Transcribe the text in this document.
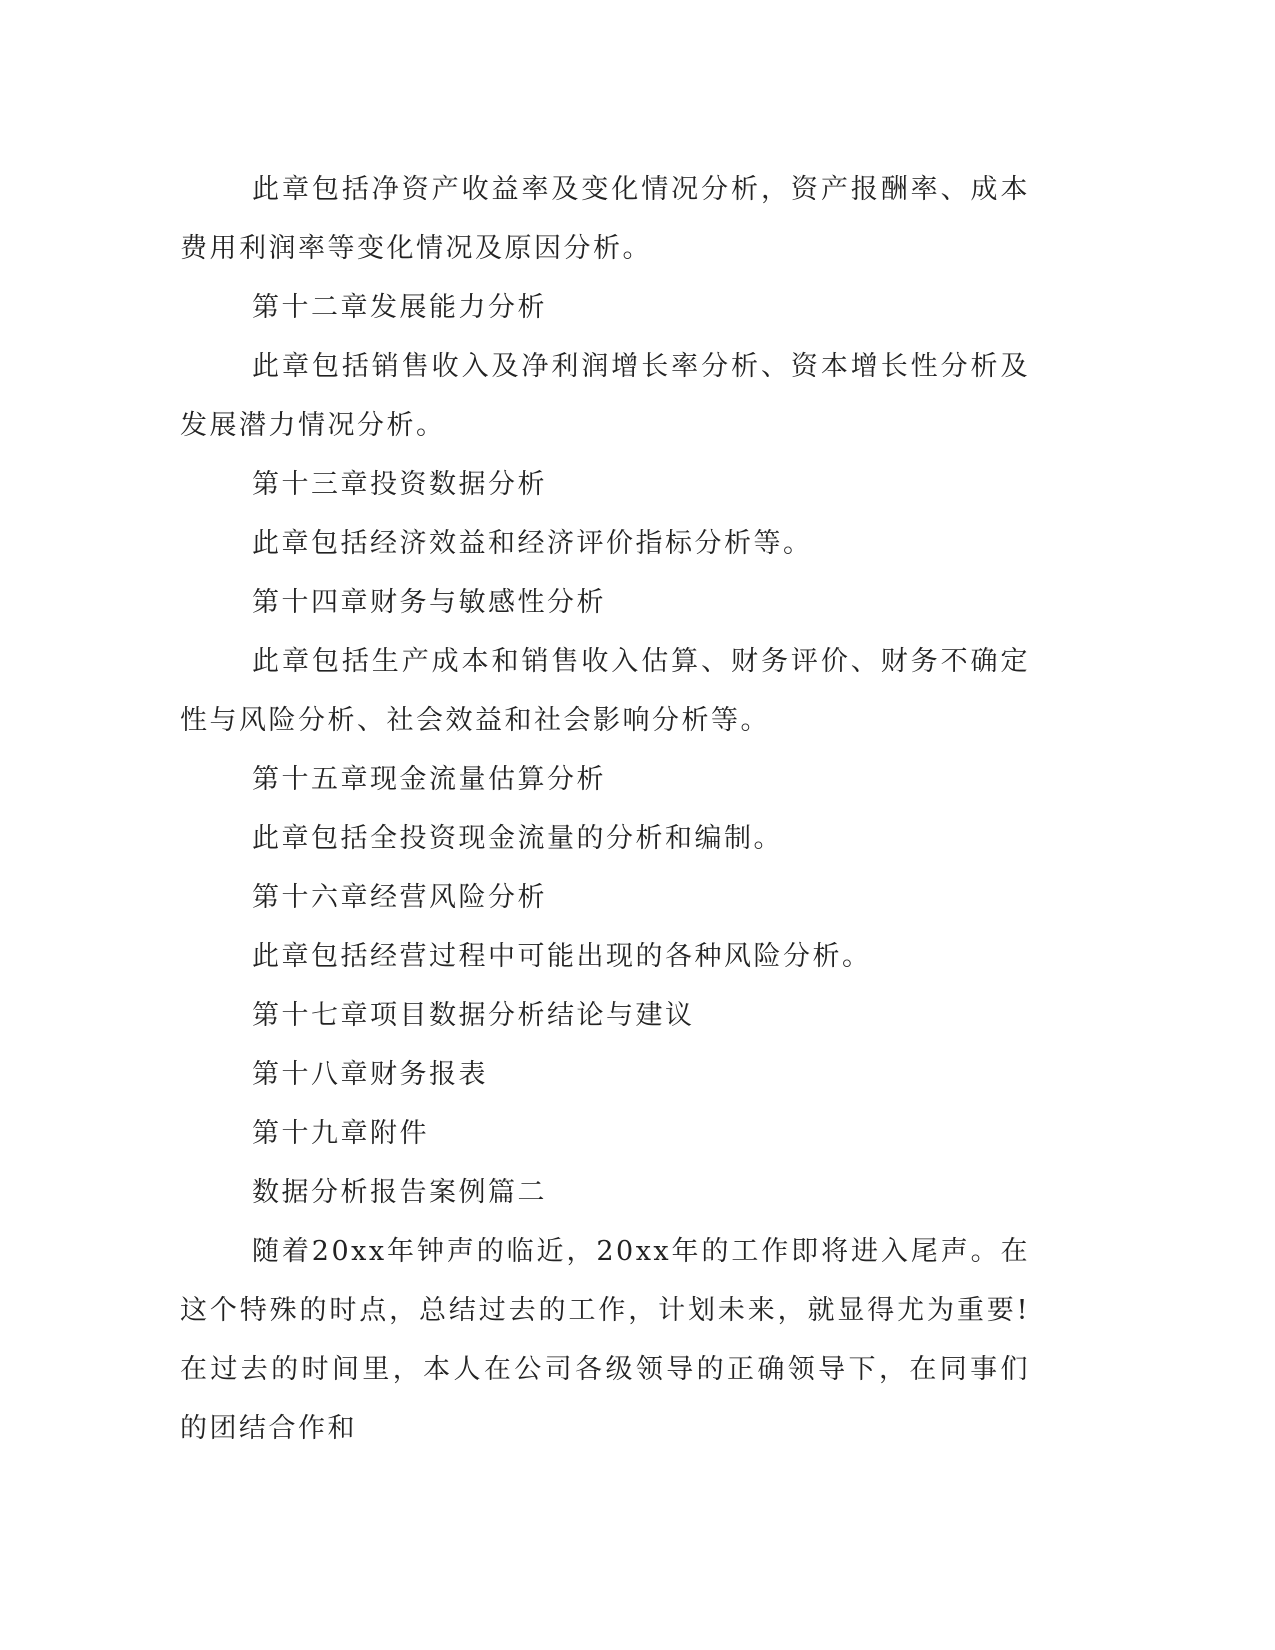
此章包括净资产收益率及变化情况分析，资产报酬率、成本费用利润率等变化情况及原因分析。

第十二章发展能力分析

此章包括销售收入及净利润增长率分析、资本增长性分析及发展潜力情况分析。

第十三章投资数据分析

此章包括经济效益和经济评价指标分析等。

第十四章财务与敏感性分析

此章包括生产成本和销售收入估算、财务评价、财务不确定性与风险分析、社会效益和社会影响分析等。

第十五章现金流量估算分析

此章包括全投资现金流量的分析和编制。

第十六章经营风险分析

此章包括经营过程中可能出现的各种风险分析。

第十七章项目数据分析结论与建议

第十八章财务报表

第十九章附件

数据分析报告案例篇二

随着20xx年钟声的临近，20xx年的工作即将进入尾声。在这个特殊的时点，总结过去的工作，计划未来，就显得尤为重要!在过去的时间里，本人在公司各级领导的正确领导下，在同事们的团结合作和
